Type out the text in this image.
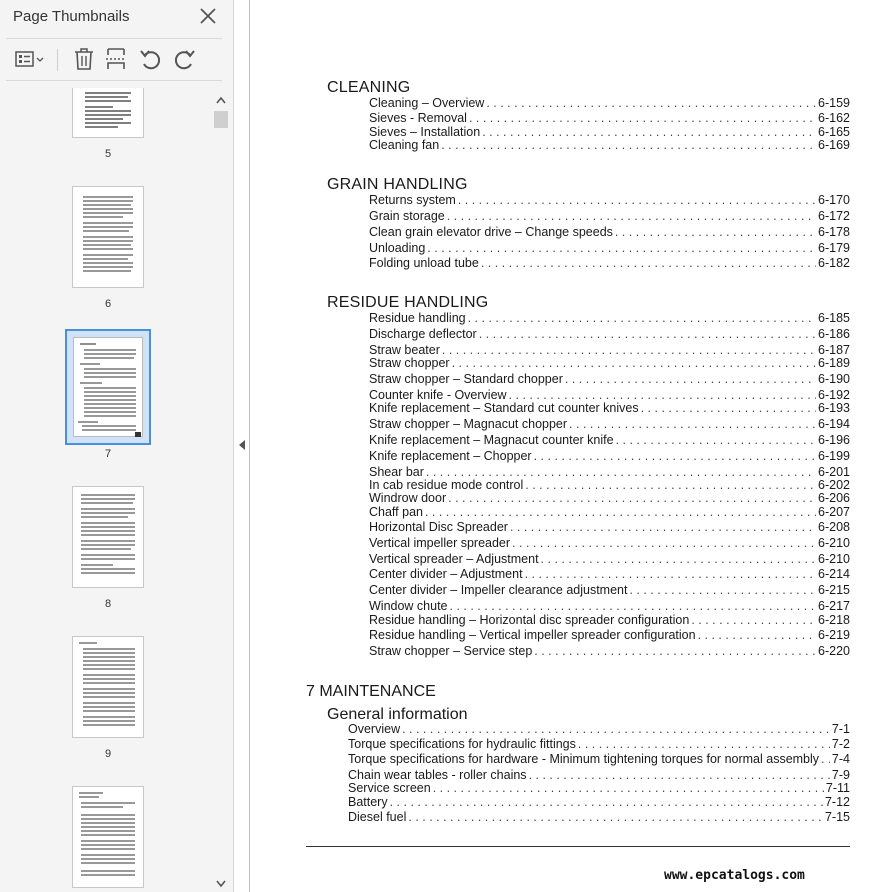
Page Thumbnails
5
6
7
8
9
CLEANING
Cleaning – Overview . . .	6-159
Sieves - Removal . . .	6-162
Sieves – Installation . . .	6-165
Cleaning fan . . .	6-169
GRAIN HANDLING
Returns system . . .	6-170
Grain storage . . .	6-172
Clean grain elevator drive – Change speeds . . .	6-178
Unloading . . .	6-179
Folding unload tube . . .	6-182
RESIDUE HANDLING
Residue handling . . .	6-185
Discharge deflector . . .	6-186
Straw beater . . .	6-187
Straw chopper . . .	6-189
Straw chopper – Standard chopper . . .	6-190
Counter knife - Overview . . .	6-192
Knife replacement – Standard cut counter knives . . .	6-193
Straw chopper – Magnacut chopper . . .	6-194
Knife replacement – Magnacut counter knife . . .	6-196
Knife replacement – Chopper . . .	6-199
Shear bar . . .	6-201
In cab residue mode control . . .	6-202
Windrow door . . .	6-206
Chaff pan . . .	6-207
Horizontal Disc Spreader . . .	6-208
Vertical impeller spreader . . .	6-210
Vertical spreader – Adjustment . . .	6-210
Center divider – Adjustment . . .	6-214
Center divider – Impeller clearance adjustment . . .	6-215
Window chute . . .	6-217
Residue handling – Horizontal disc spreader configuration . . .	6-218
Residue handling – Vertical impeller spreader configuration . . .	6-219
Straw chopper – Service step . . .	6-220
7 MAINTENANCE
General information
Overview . . .	7-1
Torque specifications for hydraulic fittings . . .	7-2
Torque specifications for hardware - Minimum tightening torques for normal assembly . . . 7-4
Chain wear tables - roller chains . . .	7-9
Service screen . . .	7-11
Battery . . .	7-12
Diesel fuel . . .	7-15
www.epcatalogs.com
